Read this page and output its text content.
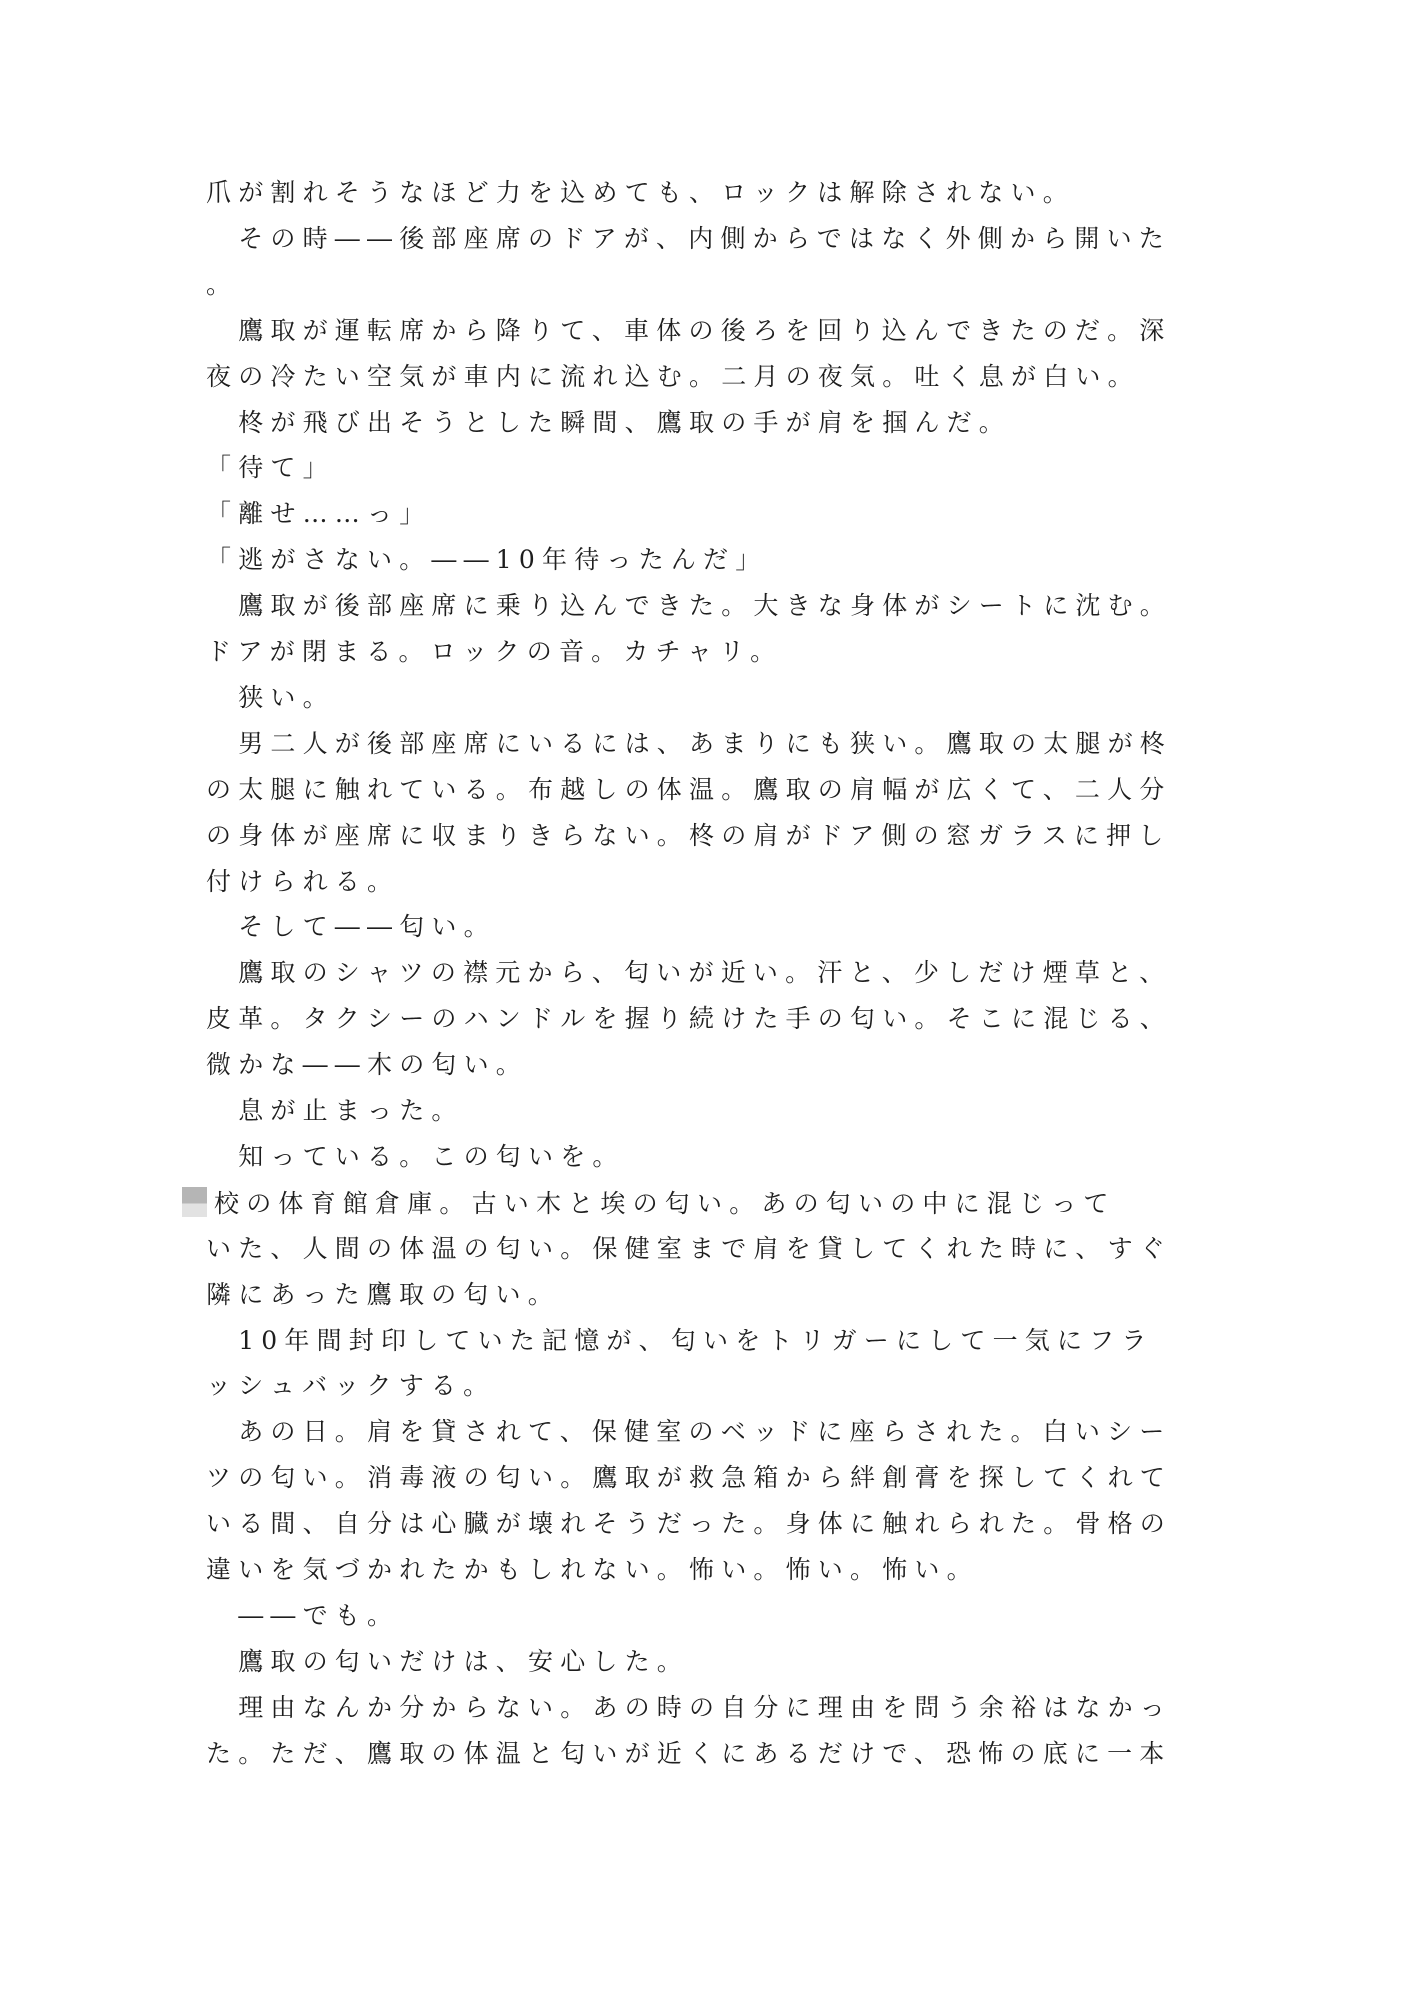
爪が割れそうなほど力を込めても、ロックは解除されない。
　その時――後部座席のドアが、内側からではなく外側から開いた
。
　鷹取が運転席から降りて、車体の後ろを回り込んできたのだ。深
夜の冷たい空気が車内に流れ込む。二月の夜気。吐く息が白い。
　柊が飛び出そうとした瞬間、鷹取の手が肩を掴んだ。
「待て」
「離せ……っ」
「逃がさない。――10年待ったんだ」
　鷹取が後部座席に乗り込んできた。大きな身体がシートに沈む。
ドアが閉まる。ロックの音。カチャリ。
　狭い。
　男二人が後部座席にいるには、あまりにも狭い。鷹取の太腿が柊
の太腿に触れている。布越しの体温。鷹取の肩幅が広くて、二人分
の身体が座席に収まりきらない。柊の肩がドア側の窓ガラスに押し
付けられる。
　そして――匂い。
　鷹取のシャツの襟元から、匂いが近い。汗と、少しだけ煙草と、
皮革。タクシーのハンドルを握り続けた手の匂い。そこに混じる、
微かな――木の匂い。
　息が止まった。
　知っている。この匂いを。
校の体育館倉庫。古い木と埃の匂い。あの匂いの中に混じって
いた、人間の体温の匂い。保健室まで肩を貸してくれた時に、すぐ
隣にあった鷹取の匂い。
　10年間封印していた記憶が、匂いをトリガーにして一気にフラ
ッシュバックする。
　あの日。肩を貸されて、保健室のベッドに座らされた。白いシー
ツの匂い。消毒液の匂い。鷹取が救急箱から絆創膏を探してくれて
いる間、自分は心臓が壊れそうだった。身体に触れられた。骨格の
違いを気づかれたかもしれない。怖い。怖い。怖い。
　――でも。
　鷹取の匂いだけは、安心した。
　理由なんか分からない。あの時の自分に理由を問う余裕はなかっ
た。ただ、鷹取の体温と匂いが近くにあるだけで、恐怖の底に一本
